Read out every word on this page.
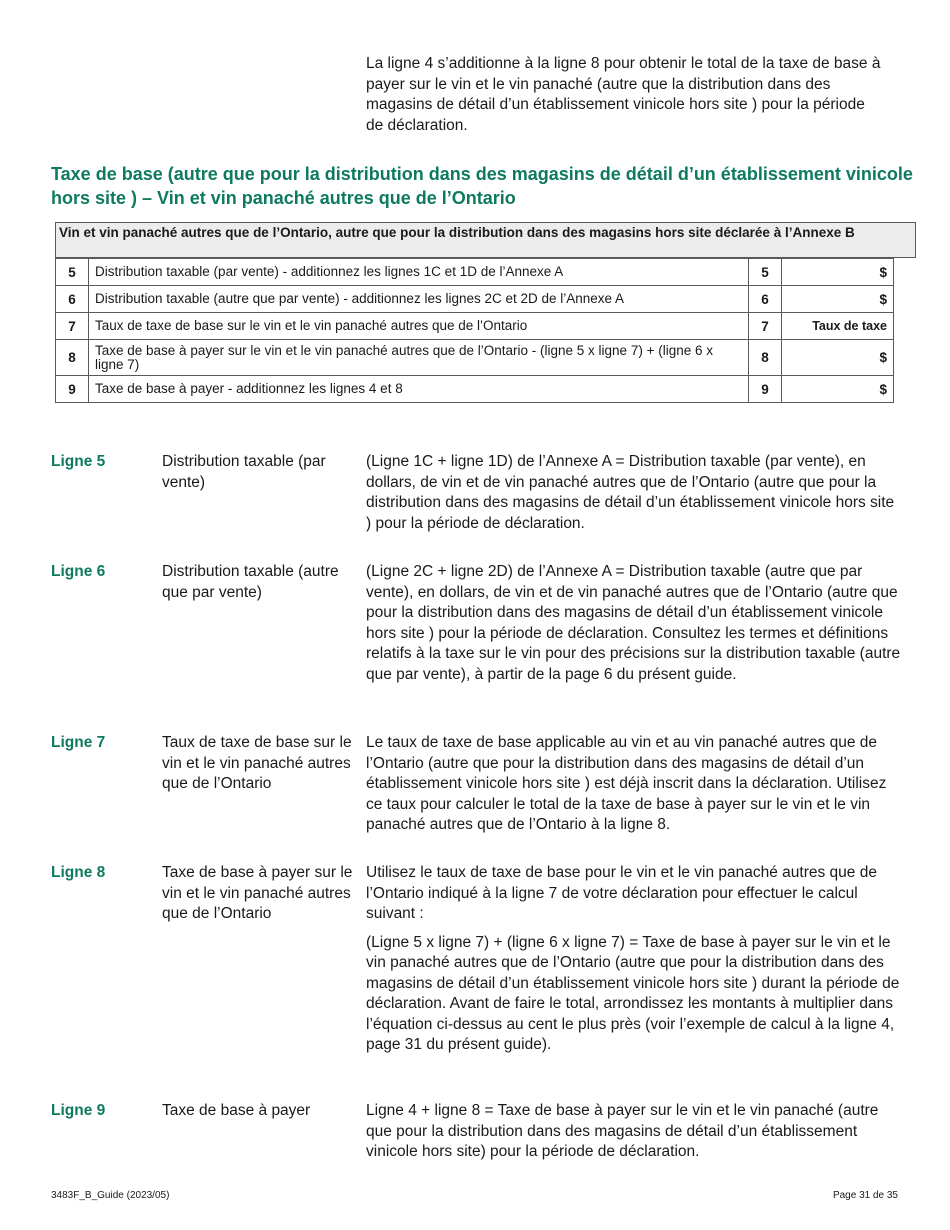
La ligne 4 s’additionne à la ligne 8 pour obtenir le total de la taxe de base à payer sur le vin et le vin panaché (autre que la distribution dans des magasins de détail d’un établissement vinicole hors site ) pour la période de déclaration.
Taxe de base (autre que pour la distribution dans des magasins de détail d’un établissement vinicole hors site ) – Vin et vin panaché autres que de l’Ontario
Vin et vin panaché autres que de l’Ontario, autre que pour la distribution dans des magasins hors site déclarée à l’Annexe B
5	Distribution taxable (par vente) - additionnez les lignes 1C et 1D de l’Annexe A	5	$
6	Distribution taxable (autre que par vente) - additionnez les lignes 2C et 2D de l’Annexe A	6	$
7	Taux de taxe de base sur le vin et le vin panaché autres que de l’Ontario	7	Taux de taxe
8	Taxe de base à payer sur le vin et le vin panaché autres que de l’Ontario - (ligne 5 x ligne 7) + (ligne 6 x ligne 7)	8	$
9	Taxe de base à payer - additionnez les lignes 4 et 8	9	$
Ligne 5	Distribution taxable (par vente)

(Ligne 1C + ligne 1D) de l’Annexe A = Distribution taxable (par vente), en dollars, de vin et de vin panaché autres que de l’Ontario (autre que pour la distribution dans des magasins de détail d’un établissement vinicole hors site ) pour la période de déclaration.

Ligne 6	Distribution taxable (autre que par vente)

(Ligne 2C + ligne 2D) de l’Annexe A = Distribution taxable (autre que par vente), en dollars, de vin et de vin panaché autres que de l’Ontario (autre que pour la distribution dans des magasins de détail d’un établissement vinicole hors site ) pour la période de déclaration. Consultez les termes et définitions relatifs à la taxe sur le vin pour des précisions sur la distribution taxable (autre que par vente), à partir de la page 6 du présent guide.

Ligne 7	Taux de taxe de base sur le vin et le vin panaché autres que de l’Ontario

Le taux de taxe de base applicable au vin et au vin panaché autres que de l’Ontario (autre que pour la distribution dans des magasins de détail d’un établissement vinicole hors site ) est déjà inscrit dans la déclaration. Utilisez ce taux pour calculer le total de la taxe de base à payer sur le vin et le vin panaché autres que de l’Ontario à la ligne 8.

Ligne 8	Taxe de base à payer sur le vin et le vin panaché autres que de l’Ontario

Utilisez le taux de taxe de base pour le vin et le vin panaché autres que de l’Ontario indiqué à la ligne 7 de votre déclaration pour effectuer le calcul suivant :

(Ligne 5 x ligne 7) + (ligne 6 x ligne 7) = Taxe de base à payer sur le vin et le vin panaché autres que de l’Ontario (autre que pour la distribution dans des magasins de détail d’un établissement vinicole hors site ) durant la période de déclaration. Avant de faire le total, arrondissez les montants à multiplier dans l’équation ci-dessus au cent le plus près (voir l’exemple de calcul à la ligne 4, page 31 du présent guide).

Ligne 9	Taxe de base à payer	Ligne 4 + ligne 8 = Taxe de base à payer sur le vin et le vin panaché (autre que pour la distribution dans des magasins de détail d’un établissement vinicole hors site) pour la période de déclaration.

3483F_B_Guide (2023/05)	Page 31 de 35
